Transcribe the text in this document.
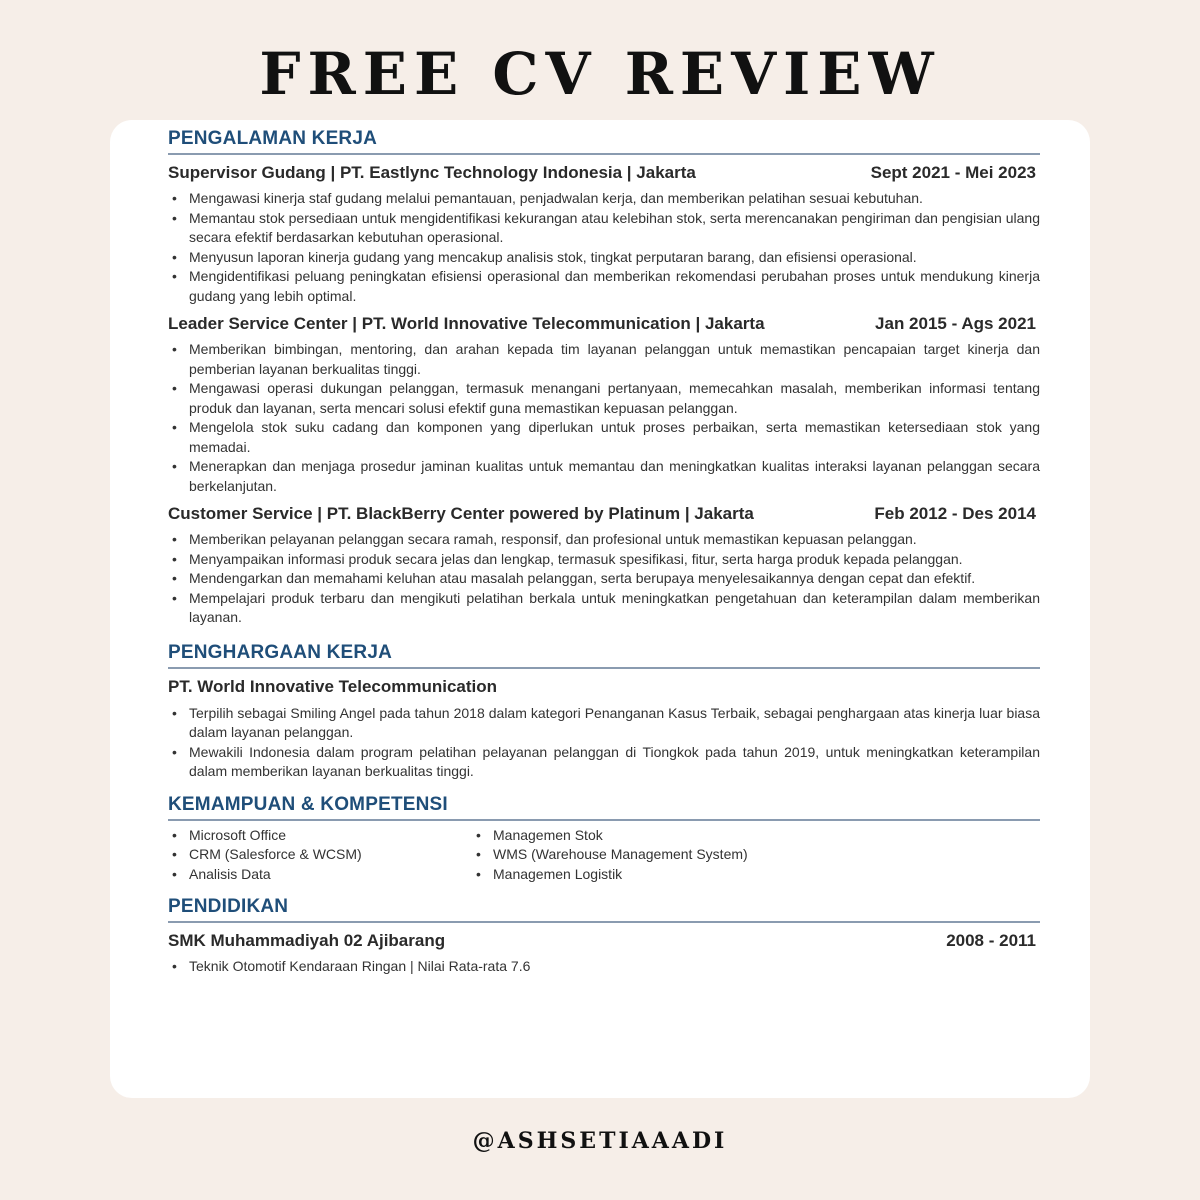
FREE CV REVIEW
PENGALAMAN KERJA
Supervisor Gudang | PT. Eastlync Technology Indonesia | Jakarta	Sept 2021 - Mei 2023
• Mengawasi kinerja staf gudang melalui pemantauan, penjadwalan kerja, dan memberikan pelatihan sesuai kebutuhan.
• Memantau stok persediaan untuk mengidentifikasi kekurangan atau kelebihan stok, serta merencanakan pengiriman dan pengisian ulang secara efektif berdasarkan kebutuhan operasional.
• Menyusun laporan kinerja gudang yang mencakup analisis stok, tingkat perputaran barang, dan efisiensi operasional.
• Mengidentifikasi peluang peningkatan efisiensi operasional dan memberikan rekomendasi perubahan proses untuk mendukung kinerja gudang yang lebih optimal.
Leader Service Center | PT. World Innovative Telecommunication | Jakarta	Jan 2015 - Ags 2021
• Memberikan bimbingan, mentoring, dan arahan kepada tim layanan pelanggan untuk memastikan pencapaian target kinerja dan pemberian layanan berkualitas tinggi.
• Mengawasi operasi dukungan pelanggan, termasuk menangani pertanyaan, memecahkan masalah, memberikan informasi tentang produk dan layanan, serta mencari solusi efektif guna memastikan kepuasan pelanggan.
• Mengelola stok suku cadang dan komponen yang diperlukan untuk proses perbaikan, serta memastikan ketersediaan stok yang memadai.
• Menerapkan dan menjaga prosedur jaminan kualitas untuk memantau dan meningkatkan kualitas interaksi layanan pelanggan secara berkelanjutan.
Customer Service | PT. BlackBerry Center powered by Platinum | Jakarta	Feb 2012 - Des 2014
• Memberikan pelayanan pelanggan secara ramah, responsif, dan profesional untuk memastikan kepuasan pelanggan.
• Menyampaikan informasi produk secara jelas dan lengkap, termasuk spesifikasi, fitur, serta harga produk kepada pelanggan.
• Mendengarkan dan memahami keluhan atau masalah pelanggan, serta berupaya menyelesaikannya dengan cepat dan efektif.
• Mempelajari produk terbaru dan mengikuti pelatihan berkala untuk meningkatkan pengetahuan dan keterampilan dalam memberikan layanan.
PENGHARGAAN KERJA
PT. World Innovative Telecommunication
• Terpilih sebagai Smiling Angel pada tahun 2018 dalam kategori Penanganan Kasus Terbaik, sebagai penghargaan atas kinerja luar biasa dalam layanan pelanggan.
• Mewakili Indonesia dalam program pelatihan pelayanan pelanggan di Tiongkok pada tahun 2019, untuk meningkatkan keterampilan dalam memberikan layanan berkualitas tinggi.
KEMAMPUAN & KOMPETENSI
• Microsoft Office
• CRM (Salesforce & WCSM)
• Analisis Data
• Managemen Stok
• WMS (Warehouse Management System)
• Managemen Logistik
PENDIDIKAN
SMK Muhammadiyah 02 Ajibarang	2008 - 2011
• Teknik Otomotif Kendaraan Ringan | Nilai Rata-rata 7.6
@ASHSETIAAADI
